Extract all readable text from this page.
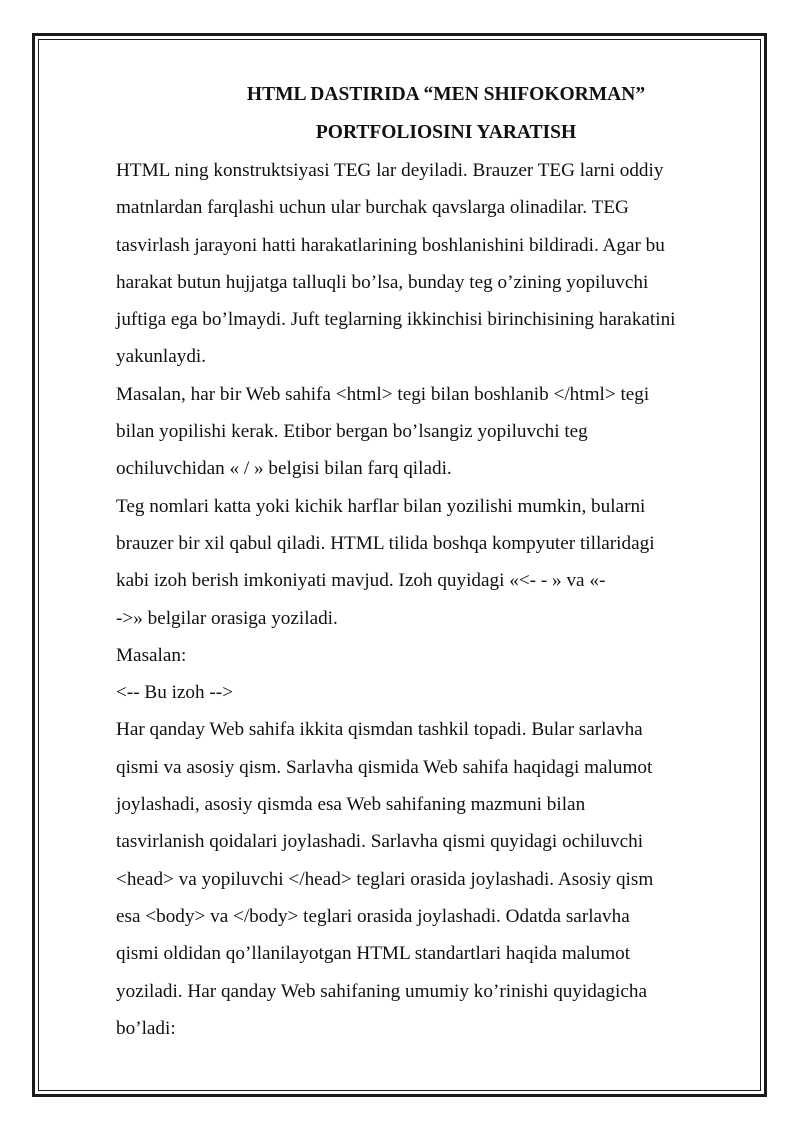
HTML DASTIRIDA “MEN SHIFOKORMAN”
PORTFOLIOSINI YARATISH
HTML ning konstruktsiyasi TEG lar deyiladi. Brauzer TEG larni oddiy
matnlardan farqlashi uchun ular burchak qavslarga olinadilar. TEG
tasvirlash jarayoni hatti harakatlarining boshlanishini bildiradi. Agar bu
harakat butun hujjatga talluqli bo’lsa, bunday teg o’zining yopiluvchi
juftiga ega bo’lmaydi. Juft teglarning ikkinchisi birinchisining harakatini
yakunlaydi.
Masalan, har bir Web sahifa <html> tegi bilan boshlanib </html> tegi
bilan yopilishi kerak. Etibor bergan bo’lsangiz yopiluvchi teg
ochiluvchidan « / » belgisi bilan farq qiladi.
Teg nomlari katta yoki kichik harflar bilan yozilishi mumkin, bularni
brauzer bir xil qabul qiladi. HTML tilida boshqa kompyuter tillaridagi
kabi izoh berish imkoniyati mavjud. Izoh quyidagi «<- - » va «-
->» belgilar orasiga yoziladi.
Masalan:
<-- Bu izoh -->
Har qanday Web sahifa ikkita qismdan tashkil topadi. Bular sarlavha
qismi va asosiy qism. Sarlavha qismida Web sahifa haqidagi malumot
joylashadi, asosiy qismda esa Web sahifaning mazmuni bilan
tasvirlanish qoidalari joylashadi. Sarlavha qismi quyidagi ochiluvchi
<head> va yopiluvchi </head> teglari orasida joylashadi. Asosiy qism
esa <body> va </body> teglari orasida joylashadi. Odatda sarlavha
qismi oldidan qo’llanilayotgan HTML standartlari haqida malumot
yoziladi. Har qanday Web sahifaning umumiy ko’rinishi quyidagicha
bo’ladi:
